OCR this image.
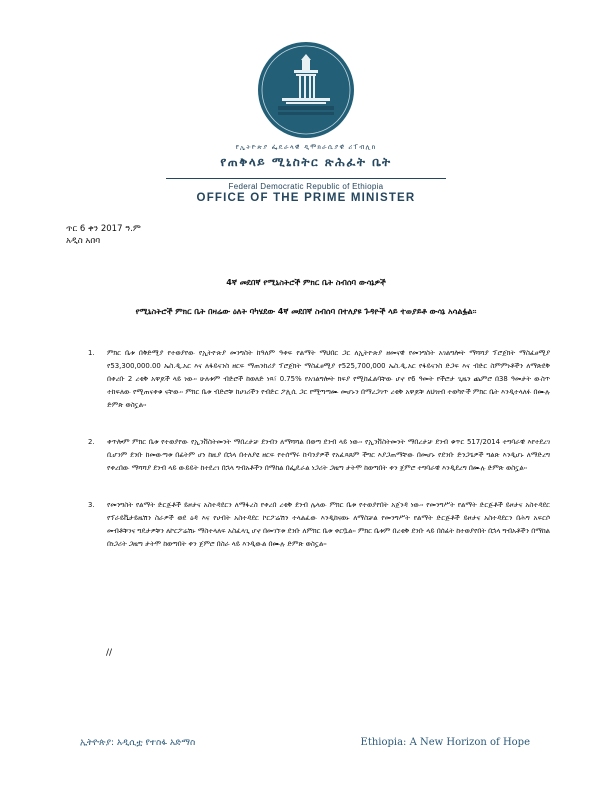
የኢትዮጵያ ፌዴራላዊ ዲሞክራሲያዊ ሪፐብሊክ
የጠቅላይ ሚኒስትር ጽሕፈት ቤት
Federal Democratic Republic of Ethiopia
OFFICE OF THE PRIME MINISTER
ጥር 6 ቀን 2017 ዓ.ም
አዲስ አበባ
4ኛ መደበኛ የሚኒስትሮች ምክር ቤት ስብሰባ ውሳኔዎች
የሚኒስትሮች ምክር ቤት በዛሬው ዕለት ባካሄደው 4ኛ መደበኛ ስብሰባ በተለያዩ ጉዳዮች ላይ ተወያይቶ ውሳኔ አሳልፏል፡፡
1.	ምክር ቤቱ በቅድሚያ የተወያየው የኢትዮጵያ መንግስት ከዓለም ዓቀፍ የልማት ማህበር ጋር ለኢትዮጵያ ዘመናዊ የመንግስት አገልግሎት ማሻሻያ ፕሮጀክት ማስፈፀሚያ የ53,300,000.00 ኤስ.ዲ.አር እና ለፋይናንስ ዘርፍ ማጠንከሪያ ፕሮጀክት ማስፈፀሚያ የ525,700,000 ኤስ.ዲ.አር የፋይናንስ ድጋፍ እና ብድር ስምምነቶችን ለማጽደቅ በቀረቡ 2 ረቂቅ አዋጆች ላይ ነው፡፡ ሁለቱም ብድሮች ከወለድ ነጻ፣ 0.75% የአገልግሎት ክፍያ የሚከፈልባቸው ሆኖ የ6 ዓመት የችሮታ ጊዜን ጨምሮ በ38 ዓመታት ውስጥ ተከፍለው የሚጠናቀቁ ናቸው፡፡ ምክር ቤቱ ብድሮቹ ከሀገሪችን የብድር ፖሊሲ ጋር የሚጣጣሙ መሆኑን በማረጋገጥ ረቂቅ አዋጆቹ ለህዝብ ተወካዮች ምክር ቤት እንዲተላለፉ በሙሉ ድምጽ ወስኗል፡፡
2.	ቀጥሎም ምክር ቤቱ የተወያየው የኢንቨስትመንት ማበረታቻ ደንብን ለማሻሻል በወጣ ደንብ ላይ ነው፡፡ የኢንቨስትመንት ማበረታቻ ደንብ ቁጥር 517/2014 ተግባራዊ እየተደረገ ቢሆንም ደንቡ ከመውጣቱ በፊትም ሆነ ከዚያ በኋላ በተለያዩ ዘርፍ የተሰማሩ ኩባንያዎች የአፈጻጸም ችግር እያጋጠማቸው በመሆኑ የደንቡ ድንጋጌዎች ግልጽ እንዲሆኑ ለማድረግ የቀረበው ማሻሻያ ደንብ ላይ ውይይት ከተደረገ በኋላ ግብአቶችን በማከል በፌዴራል ነጋሪት ጋዜጣ ታትሞ ከወጣበት ቀን ጀምሮ ተግባራዊ እንዲደረግ በሙሉ ድምጽ ወስኗል፡፡
3.	የመንግስት የልማት ድርጅቶች ይዞታና አስተዳደርን ለማፋረስ የቀረበ ረቂቅ ደንብ ሌላው ምክር ቤቱ የተወያየበት አጀንዳ ነው፡፡ የመንግሥት የልማት ድርጅቶች ይዞታና አስተዳደር የፕራይቬታይዜሽን ስራዎች ወደ ዕዳ እና የሀብት አስተዳደር ኮርፖሬሽን ተላልፈው እንዲከናወኑ ለማስቻል የመንግሥት የልማት ድርጅቶች ይዞታና አስተዳደርን በሕግ አፍርሶ መብቶቹንና ግዴታዎቹን ለኮርፖሬሽኑ ማስተላለፍ አስፈላጊ ሆኖ በመገኘቱ ደንቡ ለምክር ቤቱ ቀርቧል፡፡ ምክር ቤቱም በረቂቅ ደንቡ ላይ በሰፊት ከተወያየበት በኋላ ግብአቶችን በማከል በነጋሪት ጋዜጣ ታትሞ ከወጣበት ቀን ጀምሮ በስራ ላይ እንዲውል በሙሉ ድምጽ ወስኗል፡፡
//
ኢትዮጵያ: አዲሲቷ የተስፋ አድማስ	Ethiopia: A New Horizon of Hope
